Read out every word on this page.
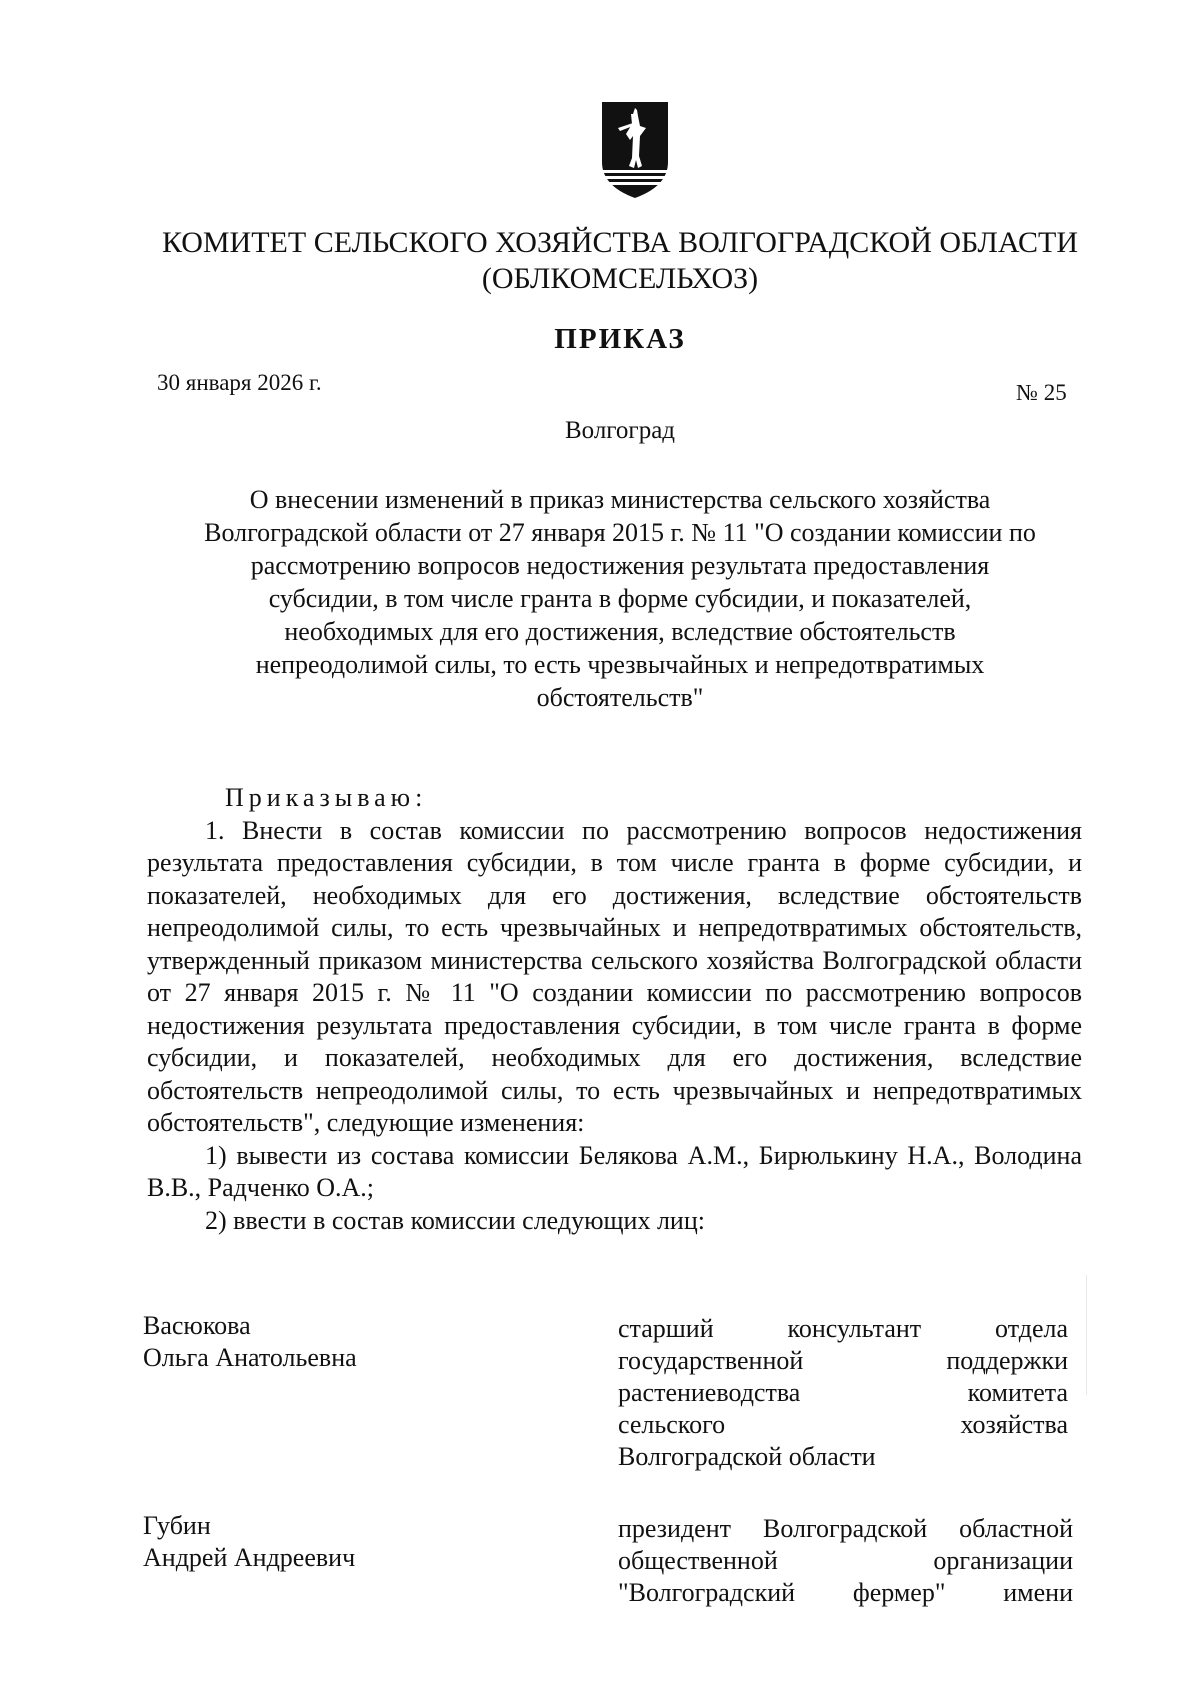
КОМИТЕТ СЕЛЬСКОГО ХОЗЯЙСТВА ВОЛГОГРАДСКОЙ ОБЛАСТИ
(ОБЛКОМСЕЛЬХОЗ)
ПРИКАЗ
30 января 2026 г.	№ 25
Волгоград
О внесении изменений в приказ министерства сельского хозяйства
Волгоградской области от 27 января 2015 г. № 11 "О создании комиссии по
рассмотрению вопросов недостижения результата предоставления
субсидии, в том числе гранта в форме субсидии, и показателей,
необходимых для его достижения, вследствие обстоятельств
непреодолимой силы, то есть чрезвычайных и непредотвратимых
обстоятельств"
Приказываю:
1. Внести в состав комиссии по рассмотрению вопросов недостижения результата предоставления субсидии, в том числе гранта в форме субсидии, и показателей, необходимых для его достижения, вследствие обстоятельств непреодолимой силы, то есть чрезвычайных и непредотвратимых обстоятельств, утвержденный приказом министерства сельского хозяйства Волгоградской области от 27 января 2015 г. № 11 "О создании комиссии по рассмотрению вопросов недостижения результата предоставления субсидии, в том числе гранта в форме субсидии, и показателей, необходимых для его достижения, вследствие обстоятельств непреодолимой силы, то есть чрезвычайных и непредотвратимых обстоятельств", следующие изменения:
1) вывести из состава комиссии Белякова А.М., Бирюлькину Н.А., Володина В.В., Радченко О.А.;
2) ввести в состав комиссии следующих лиц:
Васюкова
Ольга Анатольевна
старший консультант отдела
государственной поддержки
растениеводства комитета
сельского хозяйства
Волгоградской области
Губин
Андрей Андреевич
президент Волгоградской областной
общественной организации
"Волгоградский фермер" имени
